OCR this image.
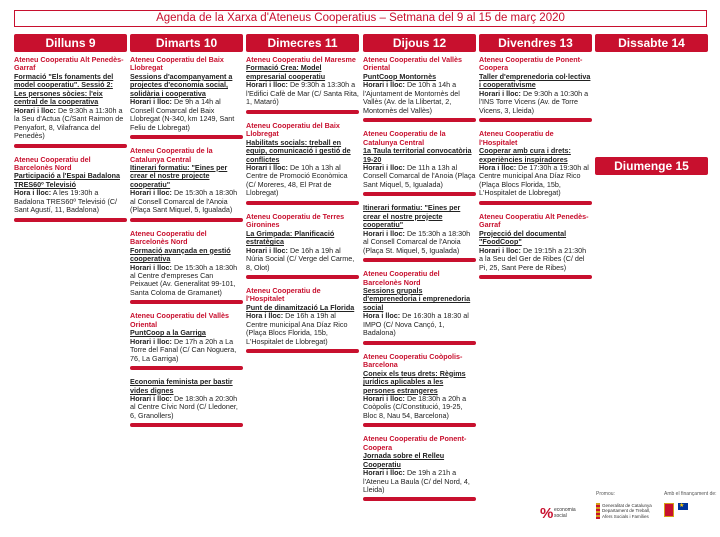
Agenda de la Xarxa d'Ateneus Cooperatius – Setmana del 9 al 15 de març 2020
Dilluns 9
Ateneu Cooperatiu Alt Penedès-Garraf
Formació "Els fonaments del model cooperatiu". Sessió 2: Les persones sòcies: l'eix central de la cooperativa
Horari i lloc: De 9:30h a 11:30h a la Seu d'Actua (C/Sant Raimon de Penyafort, 8, Vilafranca del Penedès)
Ateneu Cooperatiu del Barcelonès Nord
Participació a l'Espai Badalona TRES60º Televisió
Hora i lloc: A les 19:30h a Badalona TRES60º Televisió (C/ Sant Agustí, 11, Badalona)
Dimarts 10
Ateneu Cooperatiu del Baix Llobregat
Sessions d'acompanyament a projectes d'economia social, solidària i cooperativa
Horari i lloc: De 9h a 14h al Consell Comarcal del Baix Llobregat (N-340, km 1249, Sant Feliu de Llobregat)
Ateneu Cooperatiu de la Catalunya Central
Itinerari formatiu: "Eines per crear el nostre projecte cooperatiu"
Horari i lloc: De 15:30h a 18:30h al Consell Comarcal de l'Anoia (Plaça Sant Miquel, 5, Igualada)
Ateneu Cooperatiu del Barcelonès Nord
Formació avançada en gestió cooperativa
Horari i lloc: De 15:30h a 18:30h al Centre d'empreses Can Peixauet (Av. Generalitat 99-101, Santa Coloma de Gramanet)
Ateneu Cooperatiu del Vallès Oriental
PuntCoop a la Garriga
Horari i lloc: De 17h a 20h a La Torre del Fanal (C/ Can Noguera, 76, La Garriga)
Economia feminista per bastir vides dignes
Horari i lloc: De 18:30h a 20:30h al Centre Cívic Nord (C/ Lledoner, 6, Granollers)
Dimecres 11
Ateneu Cooperatiu del Maresme
Formació Crea: Model empresarial cooperatiu
Horari i lloc: De 9:30h a 13:30h a l'Edifici Cafè de Mar (C/ Santa Rita, 1, Mataró)
Ateneu Cooperatiu del Baix Llobregat
Habilitats socials: treball en equip, comunicació i gestió de conflictes
Horari i lloc: De 10h a 13h al Centre de Promoció Econòmica (C/ Moreres, 48, El Prat de Llobregat)
Ateneu Cooperatiu de Terres Gironines
La Grimpada: Planificació estratègica
Horari i lloc: De 16h a 19h al Núria Social (C/ Verge del Carme, 8, Olot)
Ateneu Cooperatiu de l'Hospitalet
Punt de dinamització La Florida
Hora i lloc: De 16h a 19h al Centre municipal Ana Díaz Rico (Plaça Blocs Florida, 15b, L'Hospitalet de Llobregat)
Dijous 12
Ateneu Cooperatiu del Vallès Oriental
PuntCoop Montornès
Horari i lloc: De 10h a 14h a l'Ajuntament de Montornès del Vallès (Av. de la Llibertat, 2, Montornès del Vallès)
Ateneu Cooperatiu de la Catalunya Central
1a Taula territorial convocatòria 19-20
Horari i lloc: De 11h a 13h al Consell Comarcal de l'Anoia (Plaça Sant Miquel, 5, Igualada)
Itinerari formatiu: "Eines per crear el nostre projecte cooperatiu"
Horari i lloc: De 15:30h a 18:30h al Consell Comarcal de l'Anoia (Plaça St. Miquel, 5, Igualada)
Ateneu Cooperatiu del Barcelonès Nord
Sessions grupals d'emprenedoria i emprenedoria social
Hora i lloc: De 16:30h a 18:30 al IMPO (C/ Nova Cançó, 1, Badalona)
Ateneu Cooperatiu Coòpolis-Barcelona
Coneix els teus drets: Règims jurídics aplicables a les persones estrangeres
Horari i lloc: De 18:30h a 20h a Coòpolis (C/Constitució, 19-25, Bloc 8, Nau 54, Barcelona)
Ateneu Cooperatiu de Ponent-Coopera
Jornada sobre el Relleu Cooperatiu
Horari i lloc: De 19h a 21h a l'Ateneu La Baula (C/ del Nord, 4, Lleida)
Divendres 13
Ateneu Cooperatiu de Ponent-Coopera
Taller d'emprenedoria col·lectiva i cooperativisme
Horari i lloc: De 9:30h a 10:30h a l'INS Torre Vicens (Av. de Torre Vicens, 3, Lleida)
Ateneu Cooperatiu de l'Hospitalet
Cooperar amb cura i drets: experiències inspiradores
Hora i lloc: De 17:30h a 19:30h al Centre municipal Ana Díaz Rico (Plaça Blocs Florida, 15b, L'Hospitalet de Llobregat)
Ateneu Cooperatiu Alt Penedès-Garraf
Projecció del documental "FoodCoop"
Horari i lloc: De 19:15h a 21:30h a la Seu del Ger de Ribes (C/ del Pi, 25, Sant Pere de Ribes)
Dissabte 14
Diumenge 15
% economia
social
Promou:
Generalitat de Catalunya
Departament de Treball,
Afers Socials i Famílies
Amb el finançament de:
★
